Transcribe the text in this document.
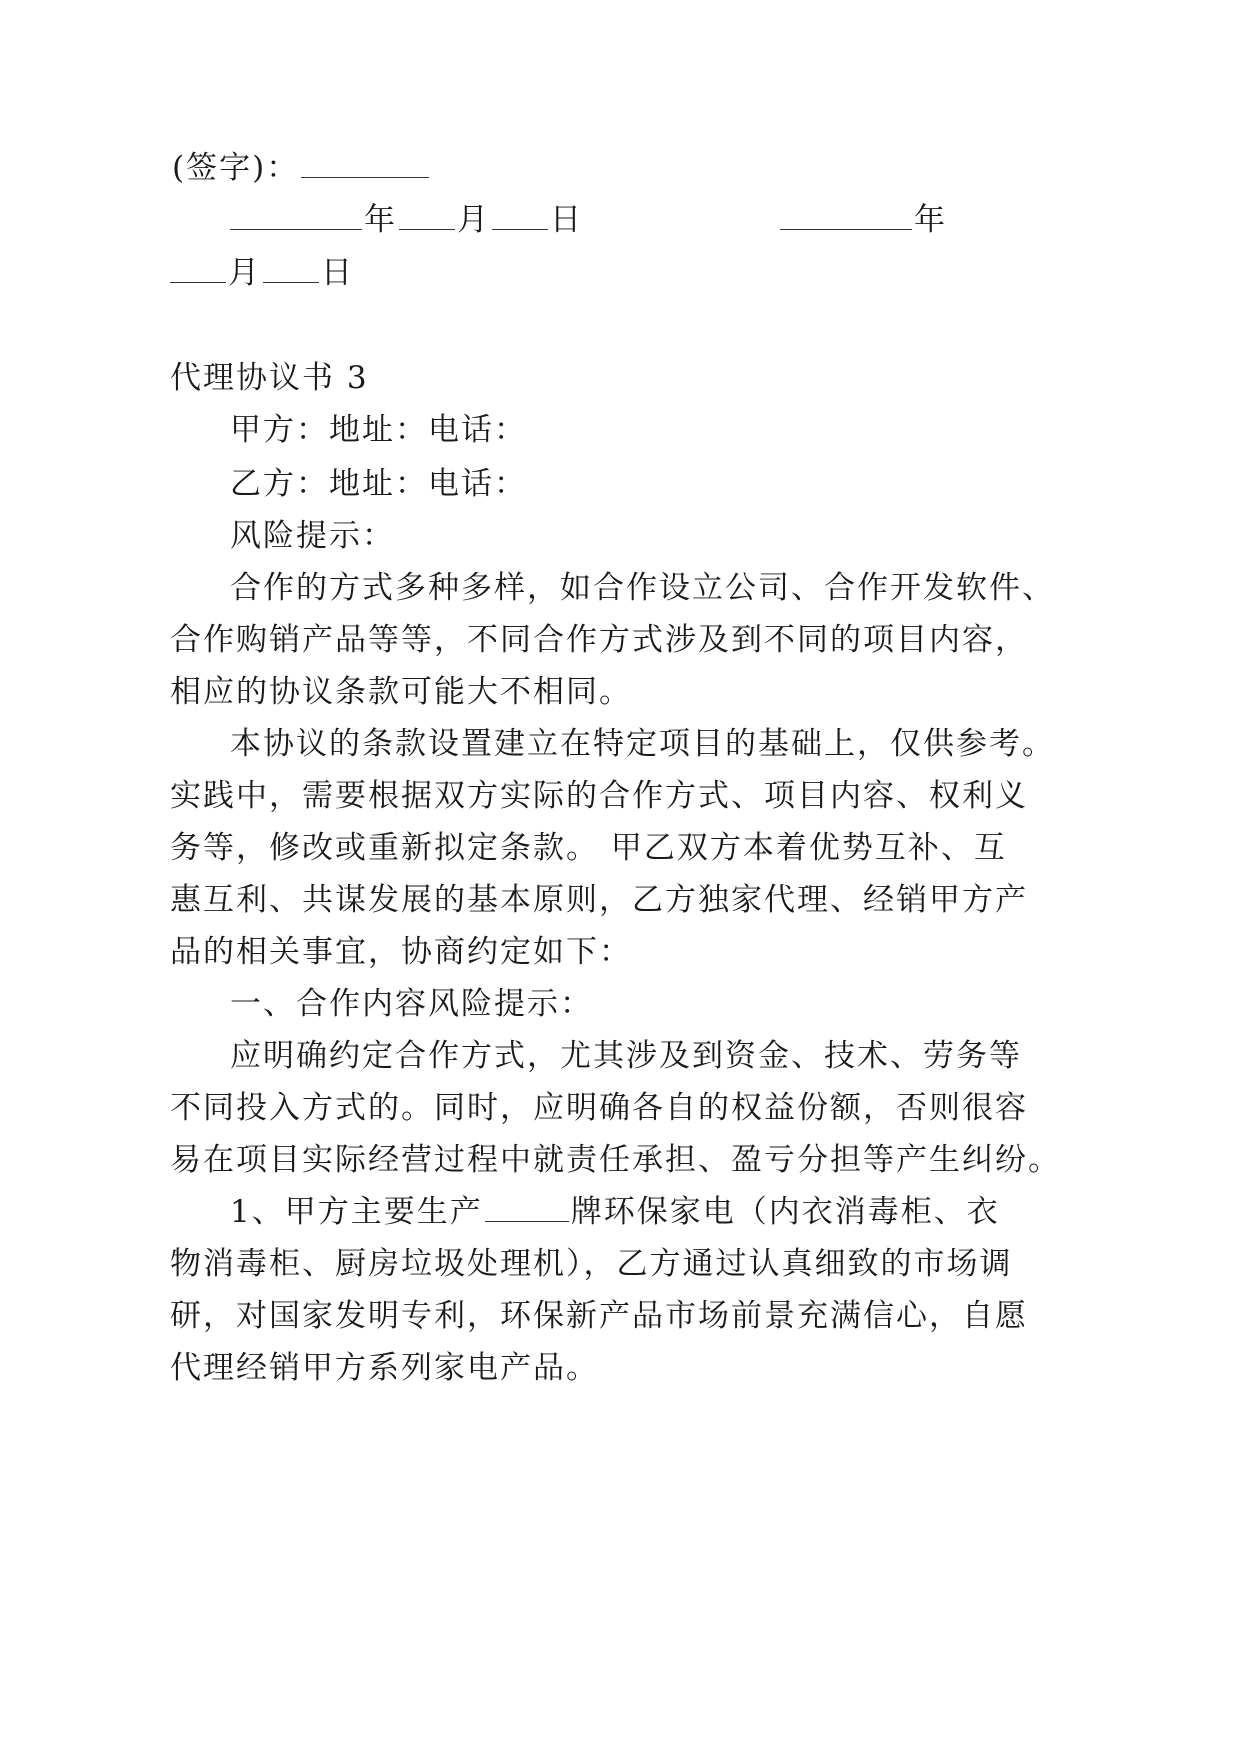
(签字)：
年 月 日	年
月 日
代理协议书 3
甲方：地址：电话：
乙方：地址：电话：
风险提示：
合作的方式多种多样，如合作设立公司、合作开发软件、
合作购销产品等等，不同合作方式涉及到不同的项目内容，
相应的协议条款可能大不相同。
本协议的条款设置建立在特定项目的基础上，仅供参考。
实践中，需要根据双方实际的合作方式、项目内容、权利义
务等，修改或重新拟定条款。 甲乙双方本着优势互补、互
惠互利、共谋发展的基本原则，乙方独家代理、经销甲方产
品的相关事宜，协商约定如下：
一、合作内容风险提示：
应明确约定合作方式，尤其涉及到资金、技术、劳务等
不同投入方式的。同时，应明确各自的权益份额，否则很容
易在项目实际经营过程中就责任承担、盈亏分担等产生纠纷。
1、甲方主要生产	牌环保家电（内衣消毒柜、衣
物消毒柜、厨房垃圾处理机），乙方通过认真细致的市场调
研，对国家发明专利，环保新产品市场前景充满信心，自愿
代理经销甲方系列家电产品。
